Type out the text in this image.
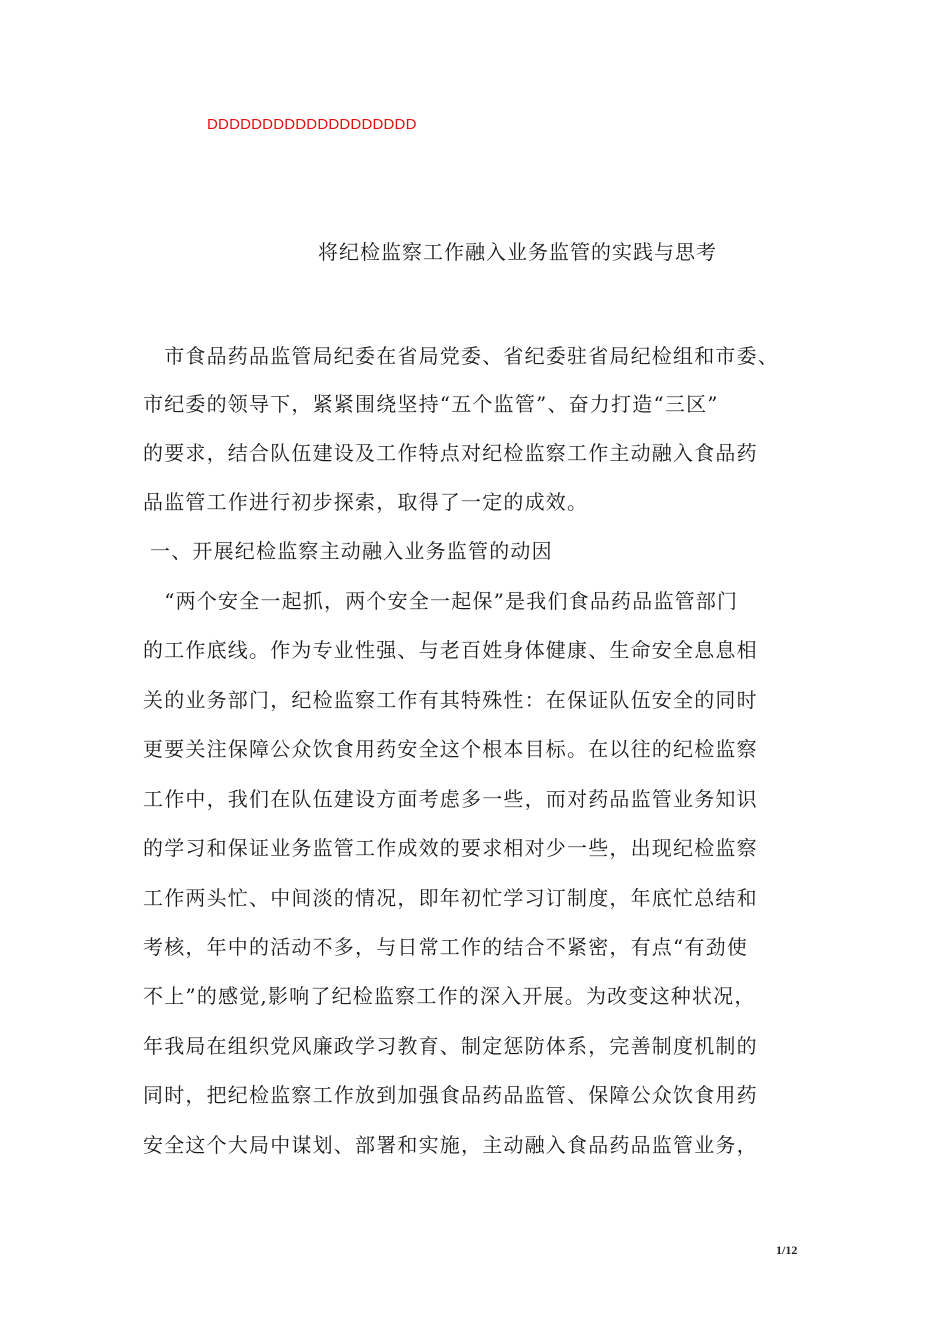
DDDDDDDDDDDDDDDDDDD
将纪检监察工作融入业务监管的实践与思考
　市食品药品监管局纪委在省局党委、省纪委驻省局纪检组和市委、
市纪委的领导下，紧紧围绕坚持“五个监管”、奋力打造“三区”
的要求，结合队伍建设及工作特点对纪检监察工作主动融入食品药
品监管工作进行初步探索，取得了一定的成效。
一、开展纪检监察主动融入业务监管的动因
　“两个安全一起抓，两个安全一起保”是我们食品药品监管部门
的工作底线。作为专业性强、与老百姓身体健康、生命安全息息相
关的业务部门，纪检监察工作有其特殊性：在保证队伍安全的同时
更要关注保障公众饮食用药安全这个根本目标。在以往的纪检监察
工作中，我们在队伍建设方面考虑多一些，而对药品监管业务知识
的学习和保证业务监管工作成效的要求相对少一些，出现纪检监察
工作两头忙、中间淡的情况，即年初忙学习订制度，年底忙总结和
考核，年中的活动不多，与日常工作的结合不紧密，有点“有劲使
不上”的感觉,影响了纪检监察工作的深入开展。为改变这种状况，
年我局在组织党风廉政学习教育、制定惩防体系，完善制度机制的
同时，把纪检监察工作放到加强食品药品监管、保障公众饮食用药
安全这个大局中谋划、部署和实施，主动融入食品药品监管业务，
1/12
